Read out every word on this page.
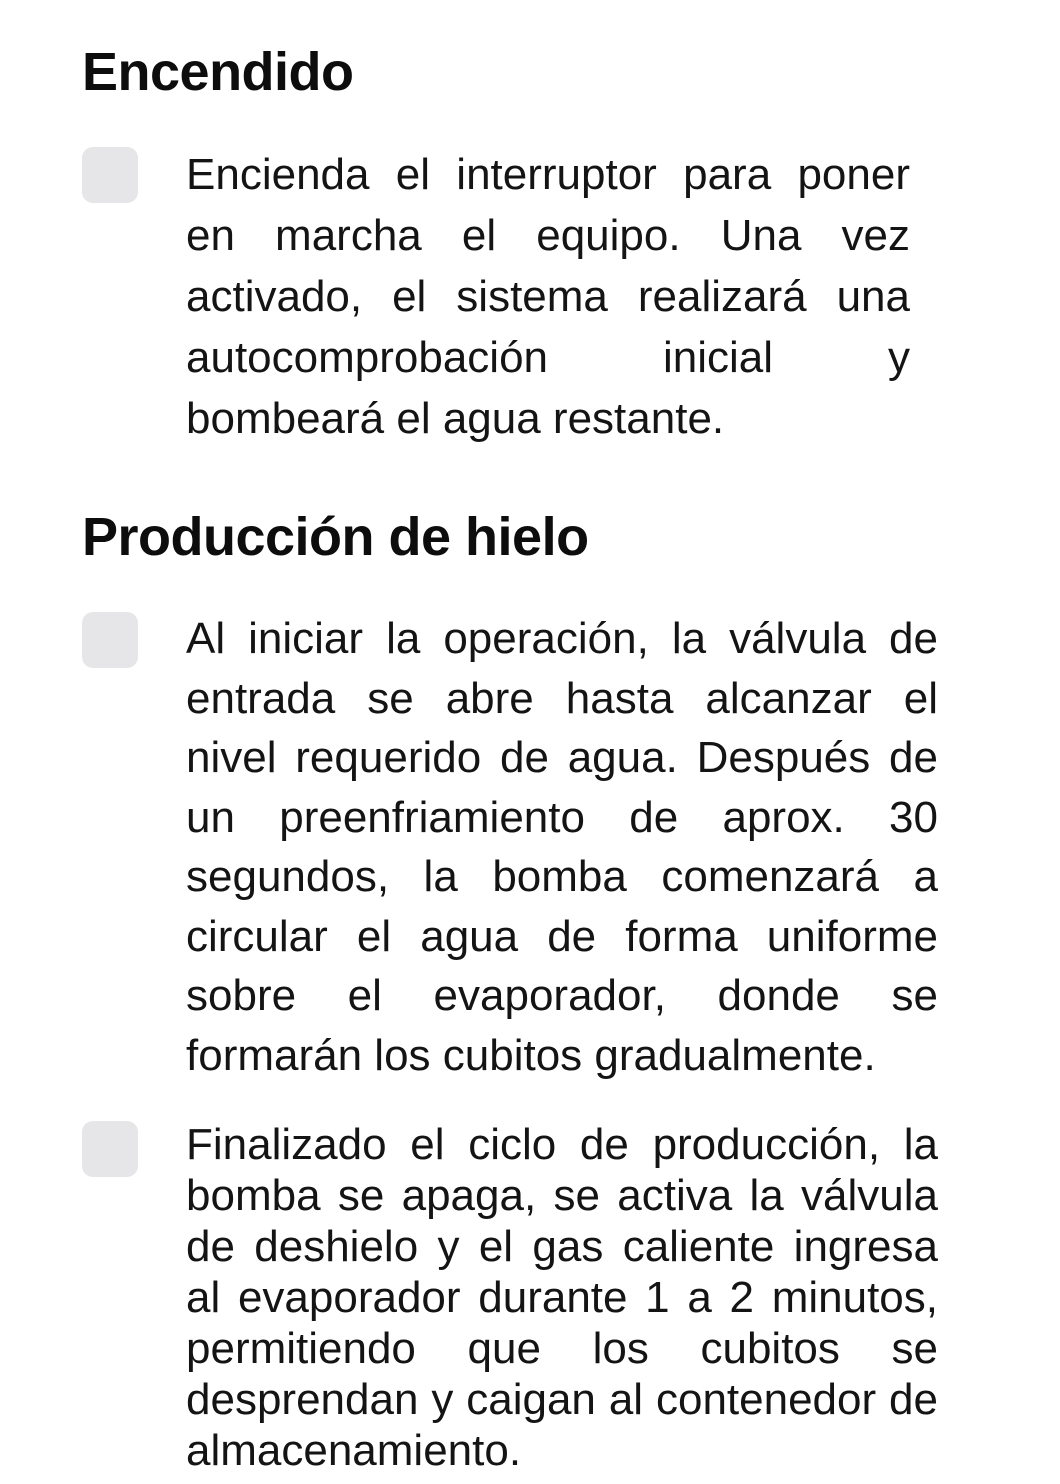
Encendido

Encienda el interruptor para poner en marcha el equipo. Una vez activado, el sistema realizará una autocomprobación inicial y bombeará el agua restante.

Producción de hielo

Al iniciar la operación, la válvula de entrada se abre hasta alcanzar el nivel requerido de agua. Después de un preenfriamiento de aprox. 30 segundos, la bomba comenzará a circular el agua de forma uniforme sobre el evaporador, donde se formarán los cubitos gradualmente.

Finalizado el ciclo de producción, la bomba se apaga, se activa la válvula de deshielo y el gas caliente ingresa al evaporador durante 1 a 2 minutos, permitiendo que los cubitos se desprendan y caigan al contenedor de almacenamiento.
